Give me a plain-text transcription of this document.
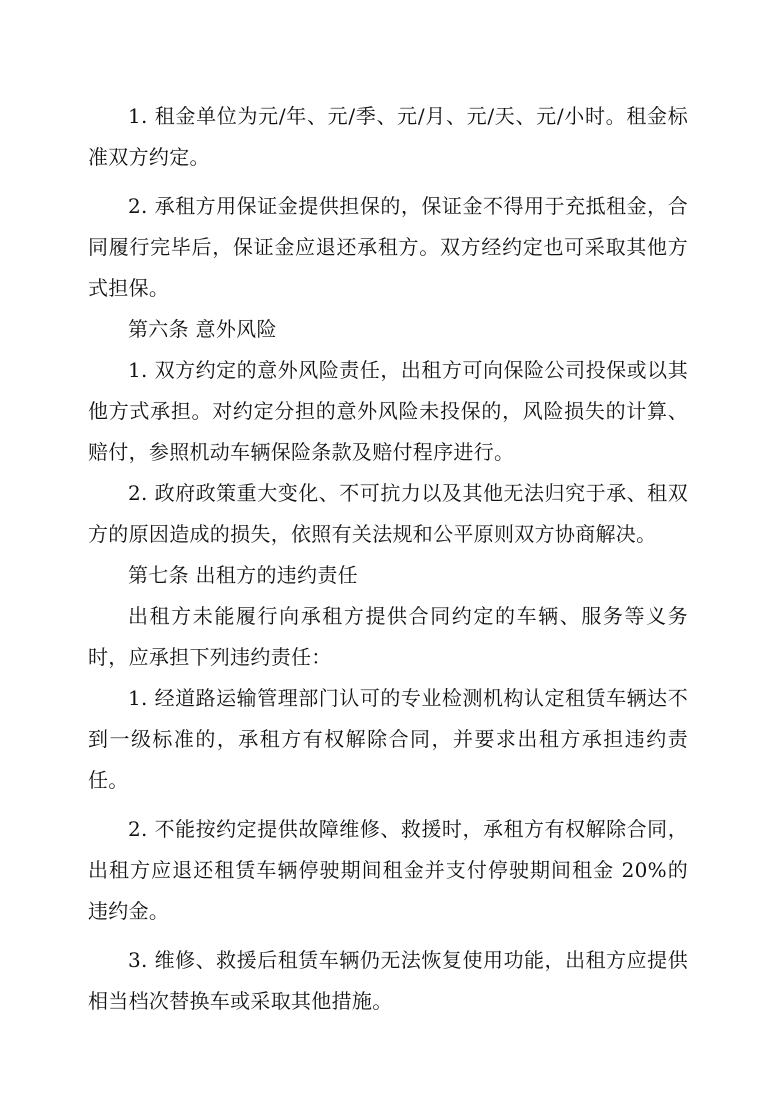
1. 租金单位为元/年、元/季、元/月、元/天、元/小时。租金标准双方约定。

2. 承租方用保证金提供担保的，保证金不得用于充抵租金，合同履行完毕后，保证金应退还承租方。双方经约定也可采取其他方式担保。

第六条 意外风险

1. 双方约定的意外风险责任，出租方可向保险公司投保或以其他方式承担。对约定分担的意外风险未投保的，风险损失的计算、赔付，参照机动车辆保险条款及赔付程序进行。

2. 政府政策重大变化、不可抗力以及其他无法归究于承、租双方的原因造成的损失，依照有关法规和公平原则双方协商解决。

第七条 出租方的违约责任

出租方未能履行向承租方提供合同约定的车辆、服务等义务时，应承担下列违约责任：

1. 经道路运输管理部门认可的专业检测机构认定租赁车辆达不到一级标准的，承租方有权解除合同，并要求出租方承担违约责任。

2. 不能按约定提供故障维修、救援时，承租方有权解除合同，出租方应退还租赁车辆停驶期间租金并支付停驶期间租金 20%的违约金。

3. 维修、救援后租赁车辆仍无法恢复使用功能，出租方应提供相当档次替换车或采取其他措施。
